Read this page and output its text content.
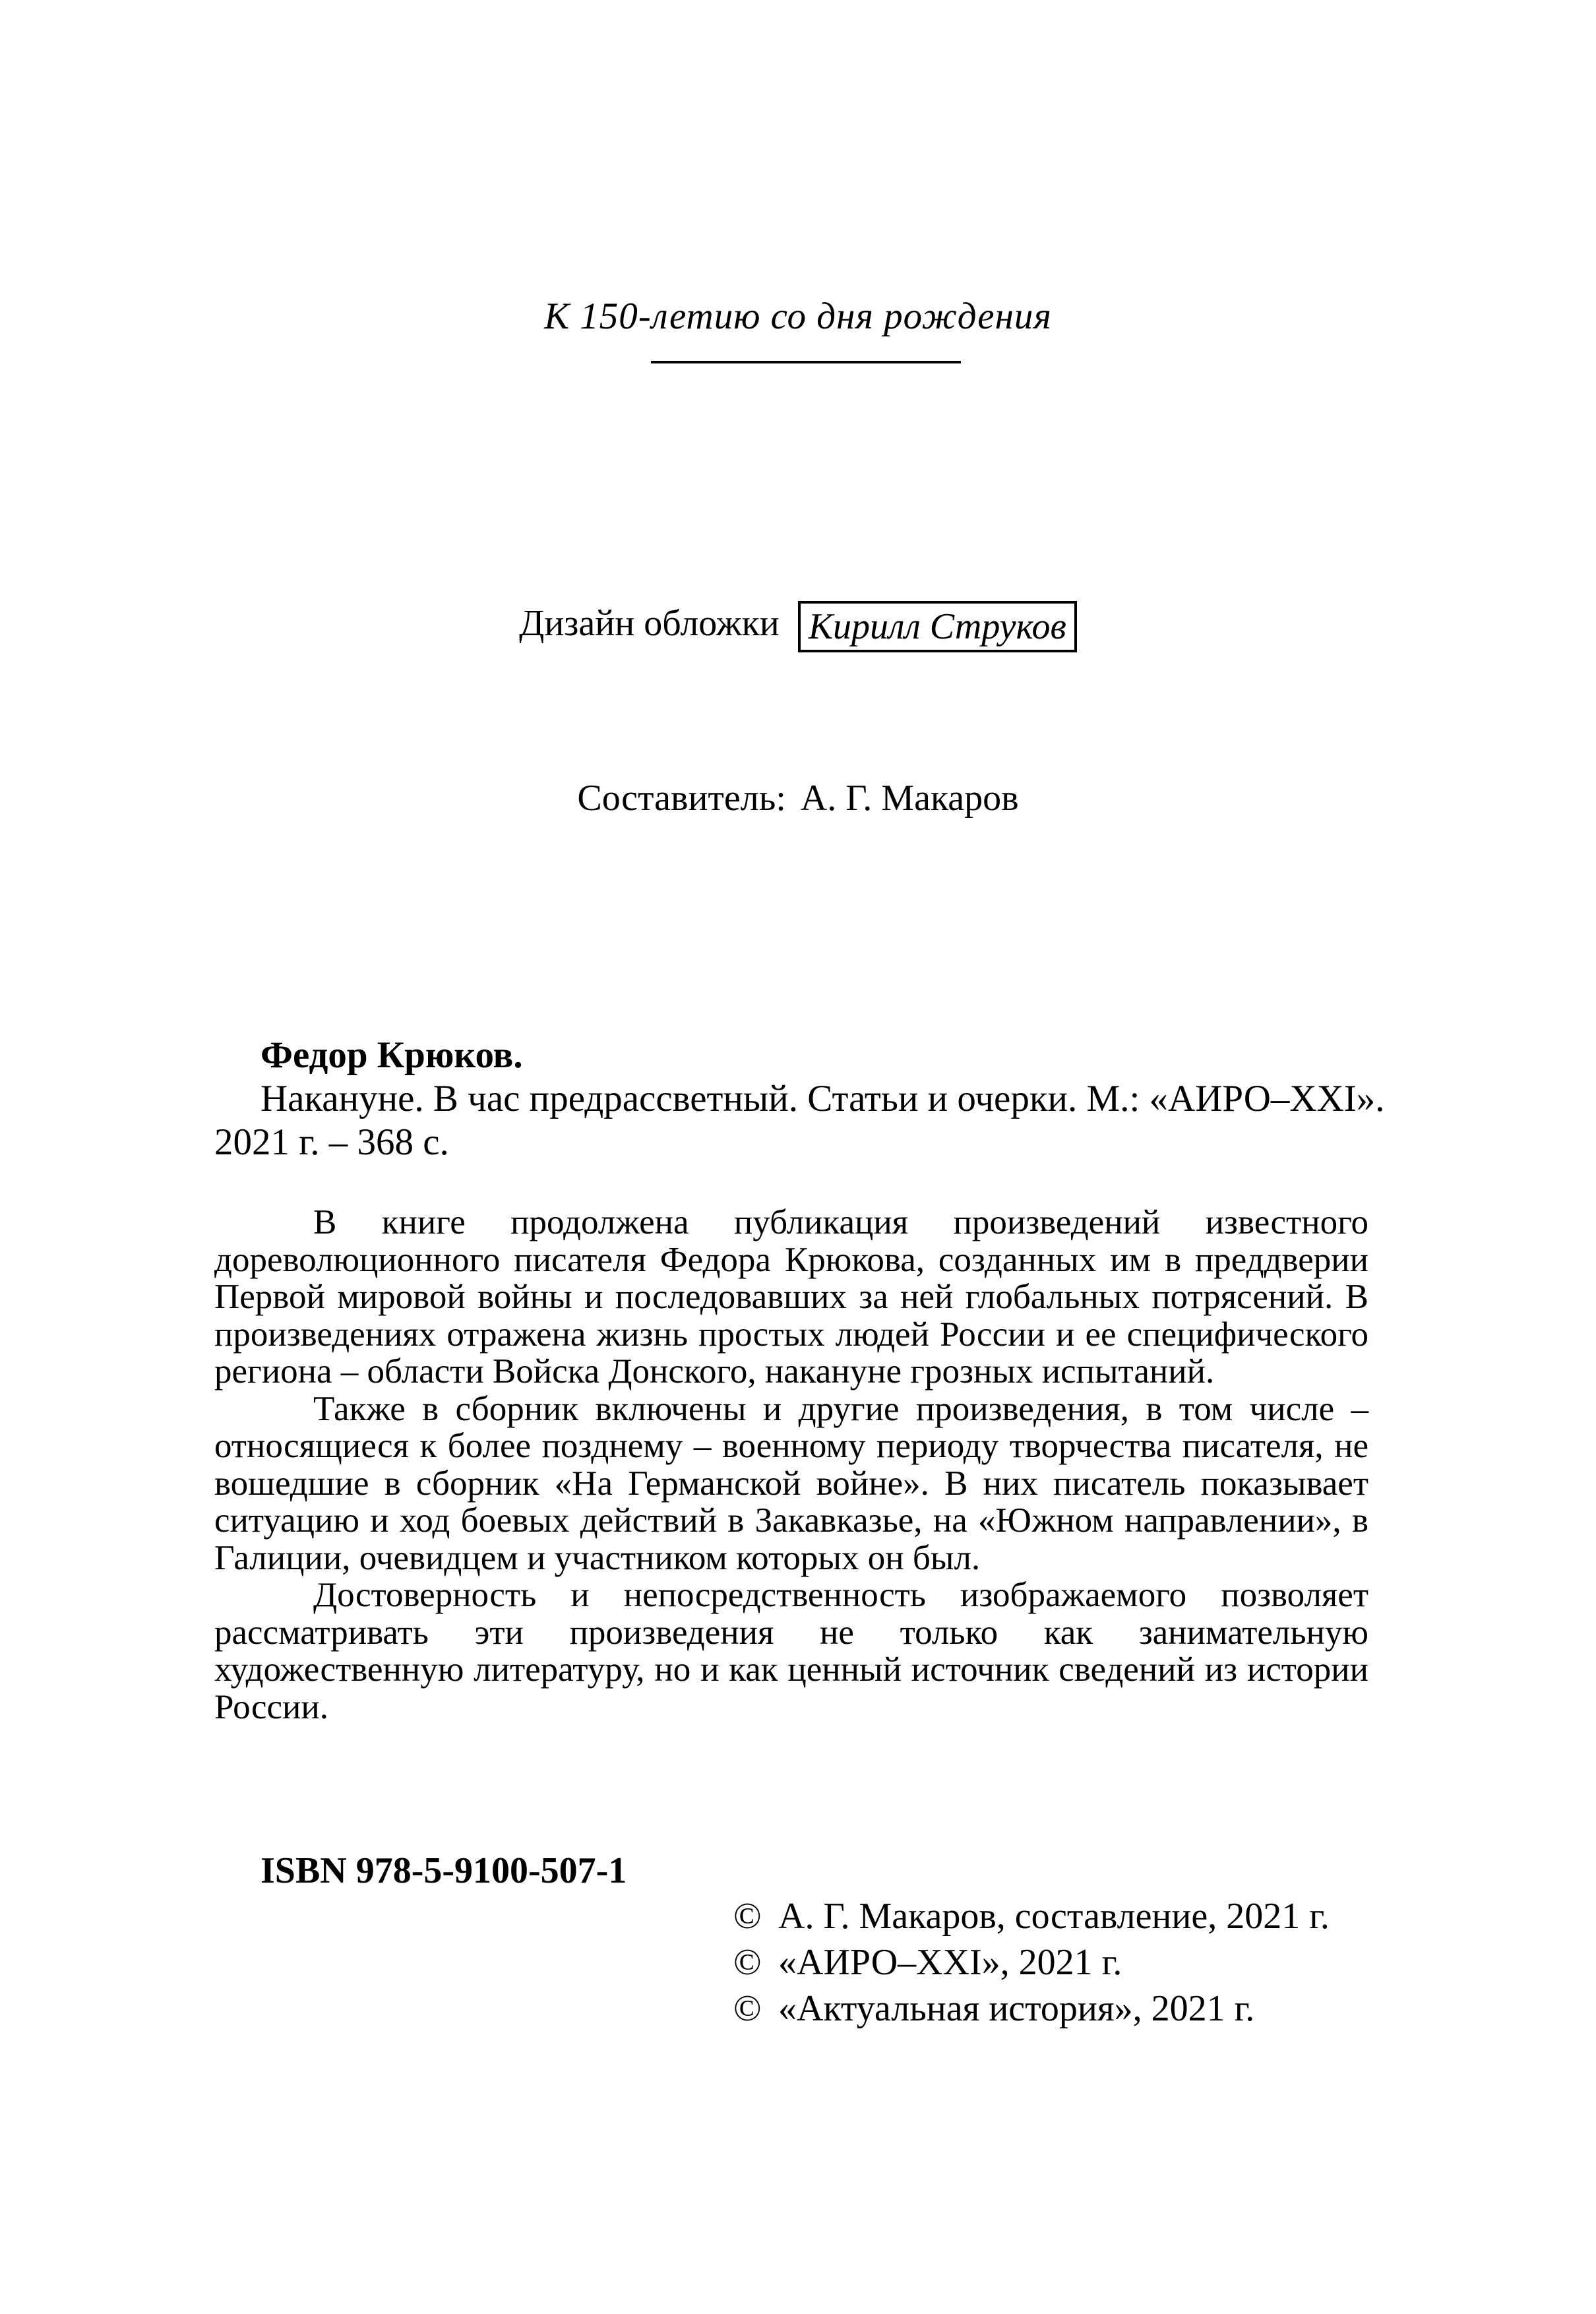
К 150-летию со дня рождения
Дизайн обложки Кирилл Струков
Составитель: А. Г. Макаров
Федор Крюков.
Накануне. В час предрассветный. Статьи и очерки. М.: «АИРО–XXI».
2021 г. – 368 с.

В книге продолжена публикация произведений известного дореволюционного писателя Федора Крюкова, созданных им в преддверии Первой мировой войны и последовавших за ней глобальных потрясений. В произведениях отражена жизнь простых людей России и ее специфического региона – области Войска Донского, накануне грозных испытаний.

Также в сборник включены и другие произведения, в том числе – относящиеся к более позднему – военному периоду творчества писателя, не вошедшие в сборник «На Германской войне». В них писатель показывает ситуацию и ход боевых действий в Закавказье, на «Южном направлении», в Галиции, очевидцем и участником которых он был.

Достоверность и непосредственность изображаемого позволяет рассматривать эти произведения не только как занимательную художественную литературу, но и как ценный источник сведений из истории России.

ISBN 978-5-9100-507-1
© А. Г. Макаров, составление, 2021 г.
© «АИРО–XXI», 2021 г.
© «Актуальная история», 2021 г.
